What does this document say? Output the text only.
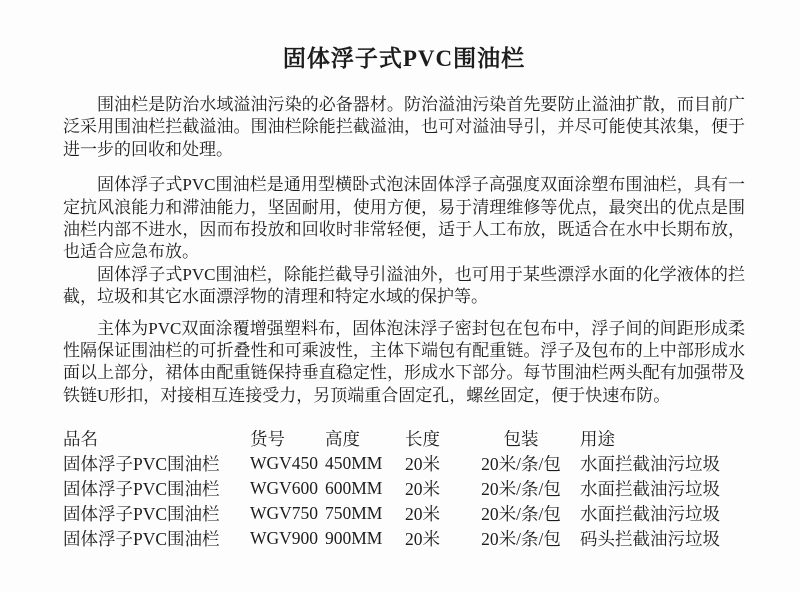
固体浮子式PVC围油栏

围油栏是防治水域溢油污染的必备器材。防治溢油污染首先要防止溢油扩散，而目前广泛采用围油栏拦截溢油。围油栏除能拦截溢油，也可对溢油导引，并尽可能使其浓集，便于进一步的回收和处理。

固体浮子式PVC围油栏是通用型横卧式泡沫固体浮子高强度双面涂塑布围油栏，具有一定抗风浪能力和滞油能力，坚固耐用，使用方便，易于清理维修等优点，最突出的优点是围油栏内部不进水，因而布投放和回收时非常轻便，适于人工布放，既适合在水中长期布放，也适合应急布放。

固体浮子式PVC围油栏，除能拦截导引溢油外，也可用于某些漂浮水面的化学液体的拦截，垃圾和其它水面漂浮物的清理和特定水域的保护等。

主体为PVC双面涂覆增强塑料布，固体泡沫浮子密封包在包布中，浮子间的间距形成柔性隔保证围油栏的可折叠性和可乘波性，主体下端包有配重链。浮子及包布的上中部形成水面以上部分，裙体由配重链保持垂直稳定性，形成水下部分。每节围油栏两头配有加强带及铁链U形扣，对接相互连接受力，另顶端重合固定孔，螺丝固定，便于快速布防。

品名	货号	高度	长度	包装	用途
固体浮子PVC围油栏	WGV450	450MM	20米	20米/条/包	水面拦截油污垃圾
固体浮子PVC围油栏	WGV600	600MM	20米	20米/条/包	水面拦截油污垃圾
固体浮子PVC围油栏	WGV750	750MM	20米	20米/条/包	水面拦截油污垃圾
固体浮子PVC围油栏	WGV900	900MM	20米	20米/条/包	码头拦截油污垃圾
